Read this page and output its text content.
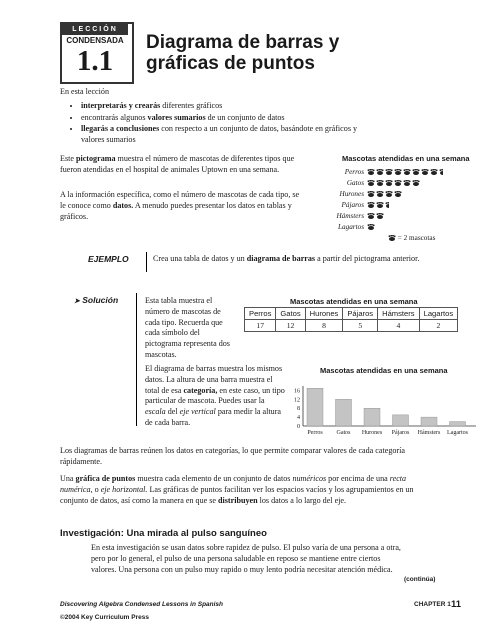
LECCIÓN
CONDENSADA
1.1
Diagrama de barras y
gráficas de puntos
En esta lección
• interpretarás y crearás diferentes gráficos
• encontrarás algunos valores sumarios de un conjunto de datos
• llegarás a conclusiones con respecto a un conjunto de datos, basándote en gráficos y valores sumarios
Este pictograma muestra el número de mascotas de diferentes tipos que fueron atendidas en el hospital de animales Uptown en una semana.
A la información específica, como el número de mascotas de cada tipo, se le conoce como datos. A menudo puedes presentar los datos en tablas y gráficos.
Mascotas atendidas en una semana
Perros
Gatos
Hurones
Pájaros
Hámsters
Lagartos
= 2 mascotas
EJEMPLO	Crea una tabla de datos y un diagrama de barras a partir del pictograma anterior.
➤ Solución	Esta tabla muestra el número de mascotas de cada tipo. Recuerda que cada símbolo del pictograma representa dos mascotas.
El diagrama de barras muestra los mismos datos. La altura de una barra muestra el total de esa categoría, en este caso, un tipo particular de mascota. Puedes usar la escala del eje vertical para medir la altura de cada barra.
Mascotas atendidas en una semana
Perros	Gatos	Hurones	Pájaros	Hámsters	Lagartos
17	12	8	5	4	2
Mascotas atendidas en una semana
0
4
8
12
16
Perros Gatos Hurones Pájaros Hámsters Lagartos
Los diagramas de barras reúnen los datos en categorías, lo que permite comparar valores de cada categoría rápidamente.
Una gráfica de puntos muestra cada elemento de un conjunto de datos numéricos por encima de una recta numérica, o eje horizontal. Las gráficas de puntos facilitan ver los espacios vacíos y los agrupamientos en un conjunto de datos, así como la manera en que se distribuyen los datos a lo largo del eje.
Investigación: Una mirada al pulso sanguíneo
En esta investigación se usan datos sobre rapidez de pulso. El pulso varía de una persona a otra, pero por lo general, el pulso de una persona saludable en reposo se mantiene entre ciertos valores. Una persona con un pulso muy rapido o muy lento podría necesitar atención médica.
(continúa)
Discovering Algebra Condensed Lessons in Spanish	CHAPTER 1 11
©2004 Key Curriculum Press
